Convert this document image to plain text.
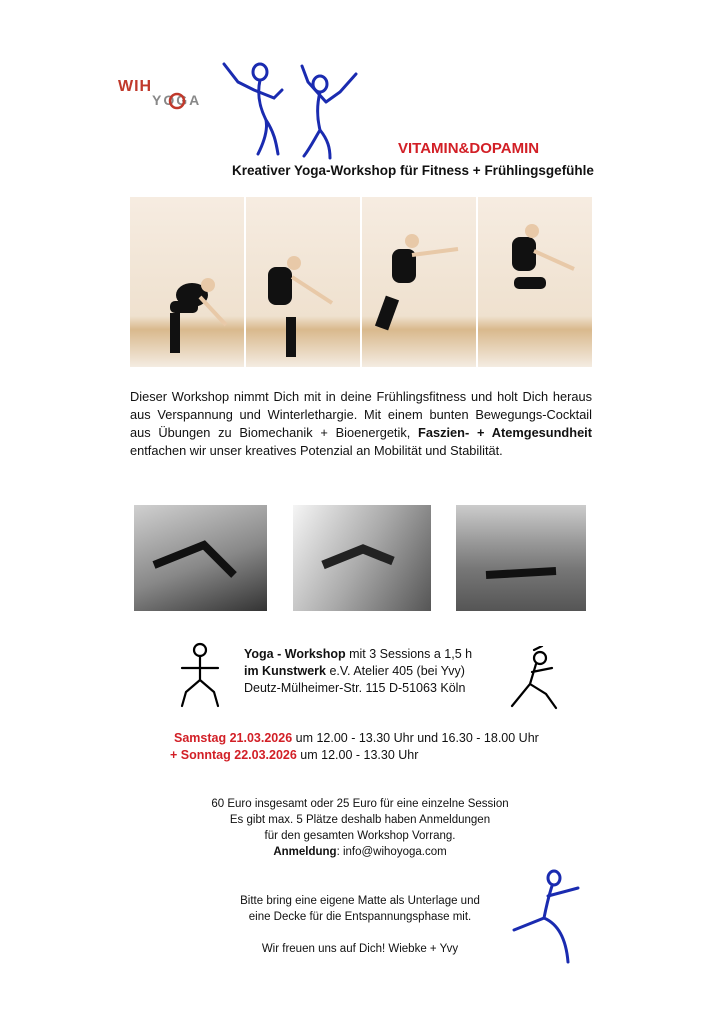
WIH
YOGA
VITAMIN&DOPAMIN
Kreativer Yoga-Workshop für Fitness + Frühlingsgefühle
Dieser Workshop nimmt Dich mit in deine Frühlingsfitness und holt Dich heraus aus Verspannung und Winterlethargie. Mit einem bunten Bewegungs-Cocktail aus Übungen zu Biomechanik + Bioenergetik, Faszien- + Atemgesundheit entfachen wir unser kreatives Potenzial an Mobilität und Stabilität.
Yoga - Workshop mit 3 Sessions a 1,5 h
im Kunstwerk e.V. Atelier 405 (bei Yvy)
Deutz-Mülheimer-Str. 115 D-51063 Köln
Samstag 21.03.2026 um 12.00 - 13.30 Uhr und 16.30 - 18.00 Uhr
+ Sonntag 22.03.2026 um 12.00 - 13.30 Uhr
60 Euro insgesamt oder 25 Euro für eine einzelne Session
Es gibt max. 5 Plätze deshalb haben Anmeldungen
für den gesamten Workshop Vorrang.
Anmeldung: info@wihoyoga.com
Bitte bring eine eigene Matte als Unterlage und
eine Decke für die Entspannungsphase mit.
Wir freuen uns auf Dich! Wiebke + Yvy
